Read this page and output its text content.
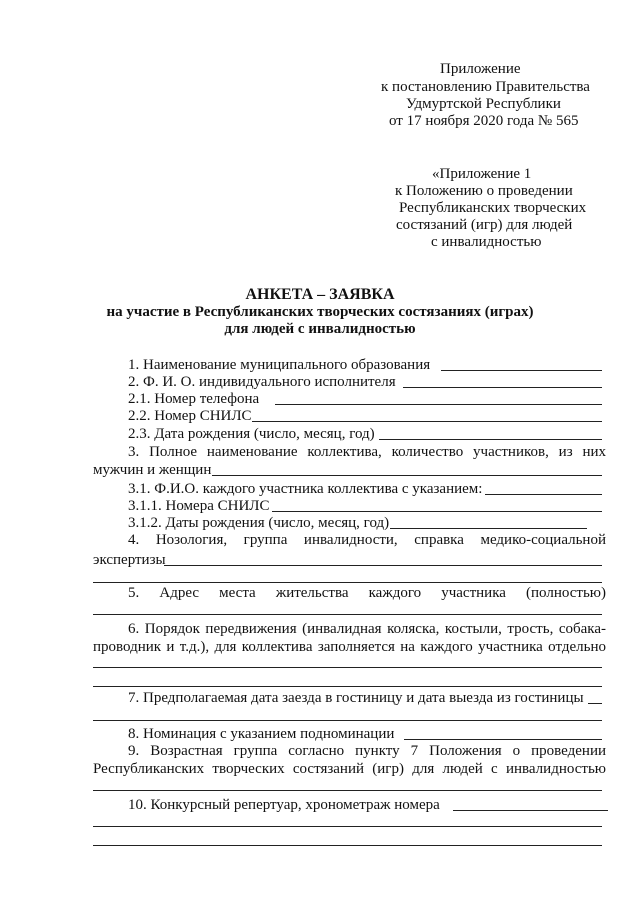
Приложение
к постановлению Правительства
Удмуртской Республики
от 17 ноября 2020 года № 565
«Приложение 1
к Положению о проведении
Республиканских творческих
состязаний (игр) для людей
с инвалидностью
АНКЕТА – ЗАЯВКА
на участие в Республиканских творческих состязаниях (играх)
для людей с инвалидностью
1. Наименование муниципального образования
2. Ф. И. О. индивидуального исполнителя
2.1. Номер телефона
2.2. Номер СНИЛС
2.3. Дата рождения (число, месяц, год)
3. Полное наименование коллектива, количество участников, из них
мужчин и женщин
3.1. Ф.И.О. каждого участника коллектива с указанием:
3.1.1. Номера СНИЛС
3.1.2. Даты рождения (число, месяц, год)
4. Нозология, группа инвалидности, справка медико-социальной
экспертизы
5. Адрес места жительства каждого участника (полностью)
6. Порядок передвижения (инвалидная коляска, костыли, трость, собака-
проводник и т.д.), для коллектива заполняется на каждого участника отдельно
7. Предполагаемая дата заезда в гостиницу и дата выезда из гостиницы
8. Номинация с указанием подноминации
9. Возрастная группа согласно пункту 7 Положения о проведении
Республиканских творческих состязаний (игр) для людей с инвалидностью
10. Конкурсный репертуар, хронометраж номера
